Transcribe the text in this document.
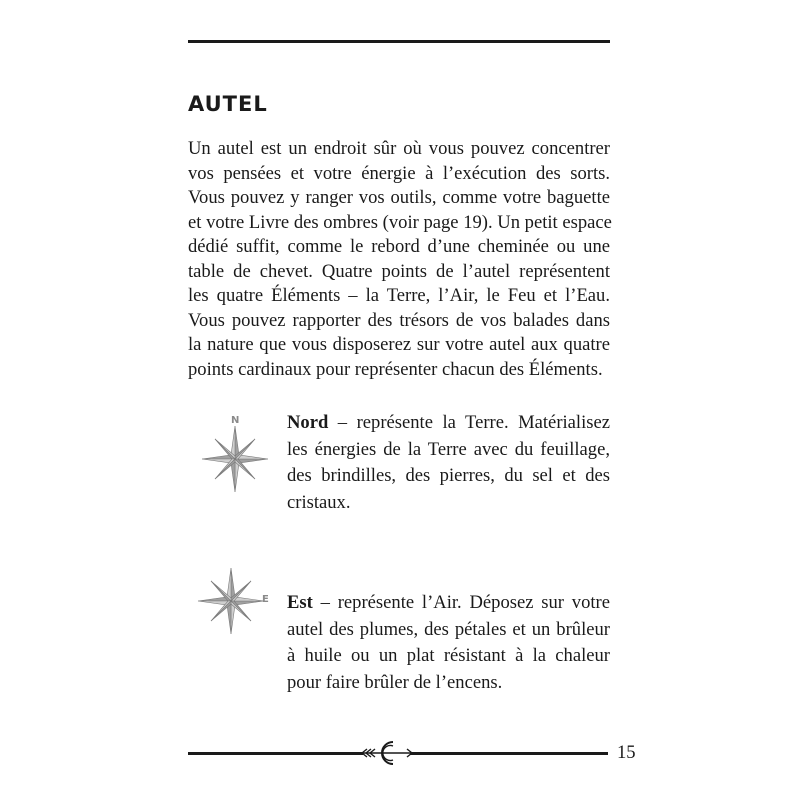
AUTEL

Un autel est un endroit sûr où vous pouvez concentrer
vos pensées et votre énergie à l’exécution des sorts.
Vous pouvez y ranger vos outils, comme votre baguette
et votre Livre des ombres (voir page 19). Un petit espace
dédié suffit, comme le rebord d’une cheminée ou une
table de chevet. Quatre points de l’autel représentent
les quatre Éléments – la Terre, l’Air, le Feu et l’Eau.
Vous pouvez rapporter des trésors de vos balades dans
la nature que vous disposerez sur votre autel aux quatre
points cardinaux pour représenter chacun des Éléments.

N	Nord – représente la Terre. Matérialisez
les énergies de la Terre avec du feuillage,
des brindilles, des pierres, du sel et des
cristaux.

E Est – représente l’Air. Déposez sur votre
autel des plumes, des pétales et un brûleur
à huile ou un plat résistant à la chaleur
pour faire brûler de l’encens.

15
